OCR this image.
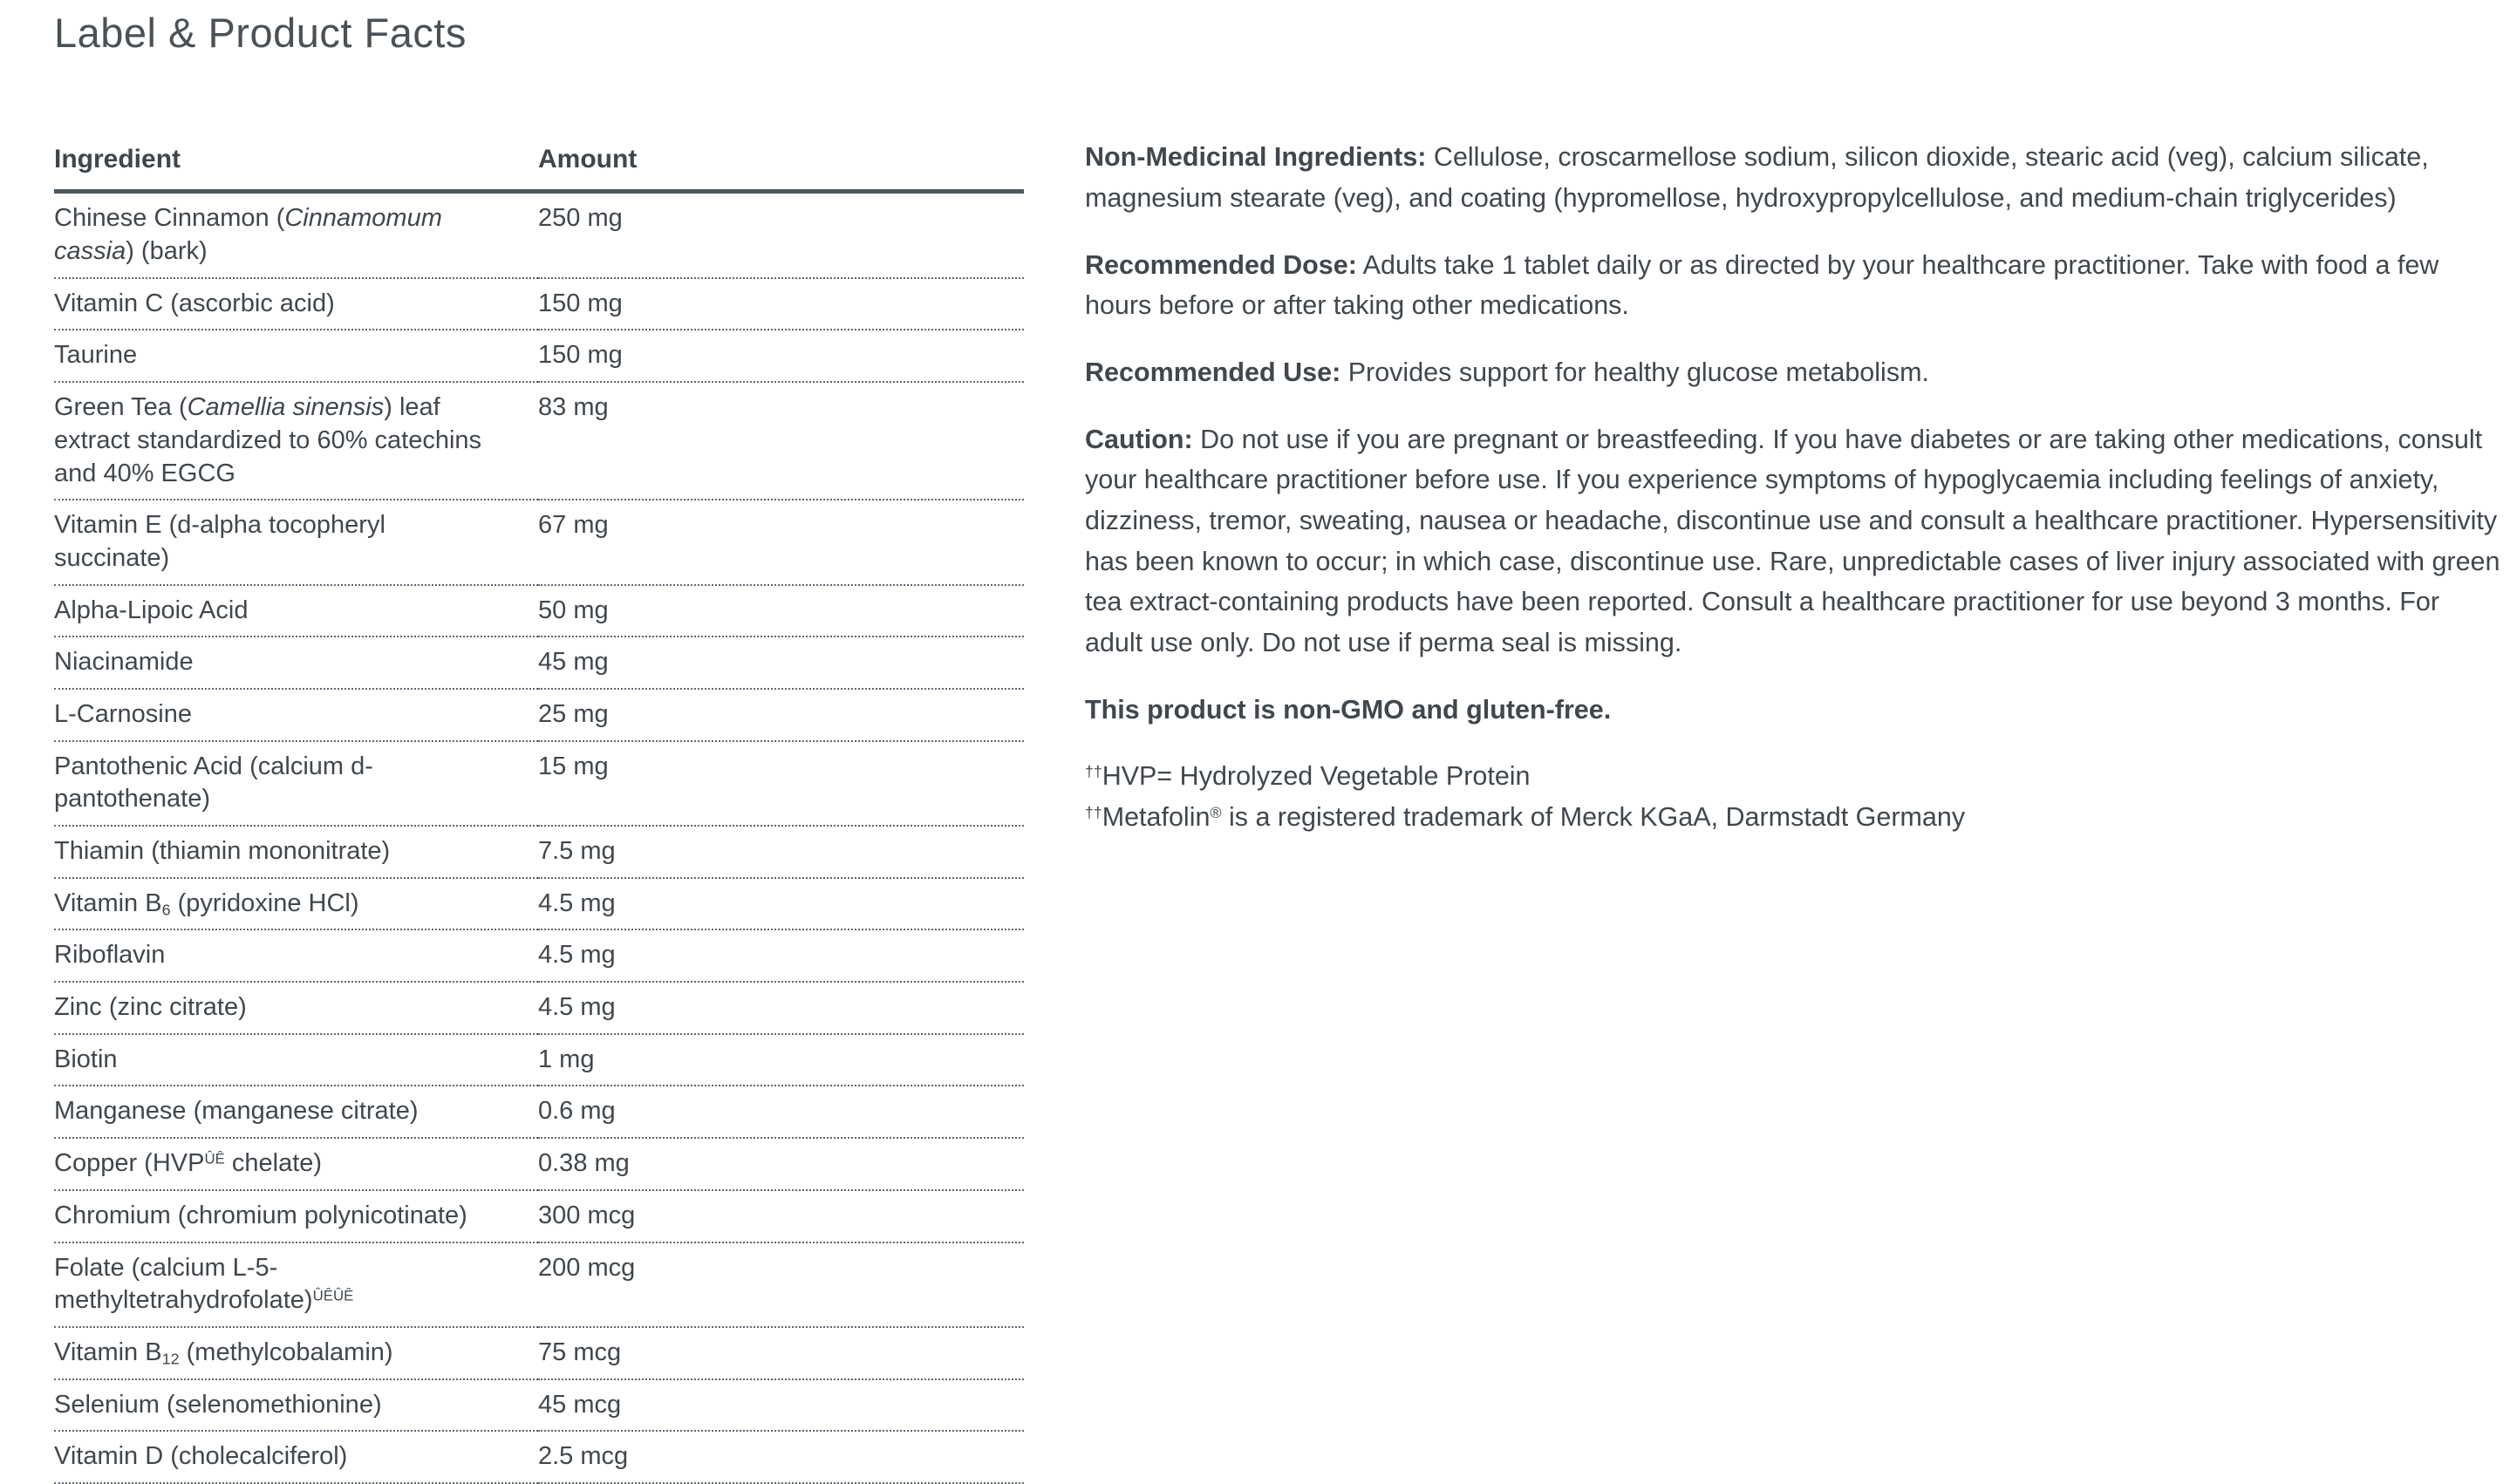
Label & Product Facts
Ingredient	Amount
Chinese Cinnamon (Cinnamomum cassia) (bark)	250 mg
Vitamin C (ascorbic acid)	150 mg
Taurine	150 mg
Green Tea (Camellia sinensis) leaf extract standardized to 60% catechins and 40% EGCG	83 mg
Vitamin E (d-alpha tocopheryl succinate)	67 mg
Alpha-Lipoic Acid	50 mg
Niacinamide	45 mg
L-Carnosine	25 mg
Pantothenic Acid (calcium d-pantothenate)	15 mg
Thiamin (thiamin mononitrate)	7.5 mg
Vitamin $B_6$ (pyridoxine HCl)	4.5 mg
Riboflavin	4.5 mg
Zinc (zinc citrate)	4.5 mg
Biotin	1 mg
Manganese (manganese citrate)	0.6 mg
Copper ($HVP^{ÛÊ}$ chelate)	0.38 mg
Chromium (chromium polynicotinate)	300 mcg
Folate (calcium L-5-methyltetrahydrofolate)$^{ÛÊÛÊ}$	200 mcg
Vitamin $B_{12}$ (methylcobalamin)	75 mcg
Selenium (selenomethionine)	45 mcg
Vitamin D (cholecalciferol)	2.5 mcg

Non-Medicinal Ingredients: Cellulose, croscarmellose sodium, silicon dioxide, stearic acid (veg), calcium silicate, magnesium stearate (veg), and coating (hypromellose, hydroxypropylcellulose, and medium-chain triglycerides)

Recommended Dose: Adults take 1 tablet daily or as directed by your healthcare practitioner. Take with food a few hours before or after taking other medications.

Recommended Use: Provides support for healthy glucose metabolism.

Caution: Do not use if you are pregnant or breastfeeding. If you have diabetes or are taking other medications, consult your healthcare practitioner before use. If you experience symptoms of hypoglycaemia including feelings of anxiety, dizziness, tremor, sweating, nausea or headache, discontinue use and consult a healthcare practitioner. Hypersensitivity has been known to occur; in which case, discontinue use. Rare, unpredictable cases of liver injury associated with green tea extract-containing products have been reported. Consult a healthcare practitioner for use beyond 3 months. For adult use only. Do not use if perma seal is missing.

This product is non-GMO and gluten-free.

††HVP= Hydrolyzed Vegetable Protein
††Metafolin® is a registered trademark of Merck KGaA, Darmstadt Germany
